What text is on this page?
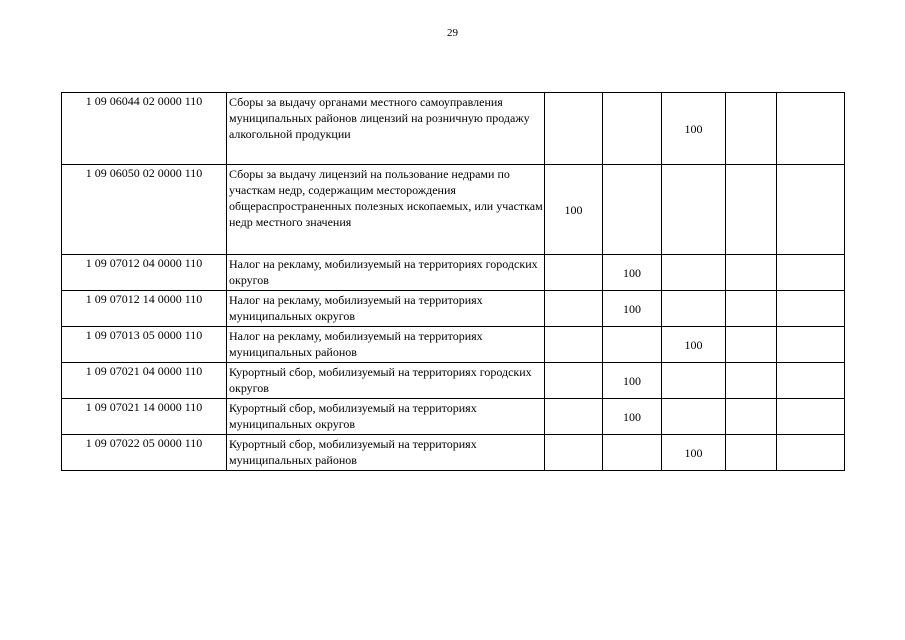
29
1 09 06044 02 0000 110	Сборы за выдачу органами местного самоуправления муниципальных районов лицензий на розничную продажу алкогольной продукции			100		
1 09 06050 02 0000 110	Сборы за выдачу лицензий на пользование недрами по участкам недр, содержащим месторождения общераспространенных полезных ископаемых, или участкам недр местного значения	100				
1 09 07012 04 0000 110	Налог на рекламу, мобилизуемый на территориях городских округов		100			
1 09 07012 14 0000 110	Налог на рекламу, мобилизуемый на территориях муниципальных округов		100			
1 09 07013 05 0000 110	Налог на рекламу, мобилизуемый на территориях муниципальных районов			100		
1 09 07021 04 0000 110	Курортный сбор, мобилизуемый на территориях городских округов		100			
1 09 07021 14 0000 110	Курортный сбор, мобилизуемый на территориях муниципальных округов		100			
1 09 07022 05 0000 110	Курортный сбор, мобилизуемый на территориях муниципальных районов			100		
